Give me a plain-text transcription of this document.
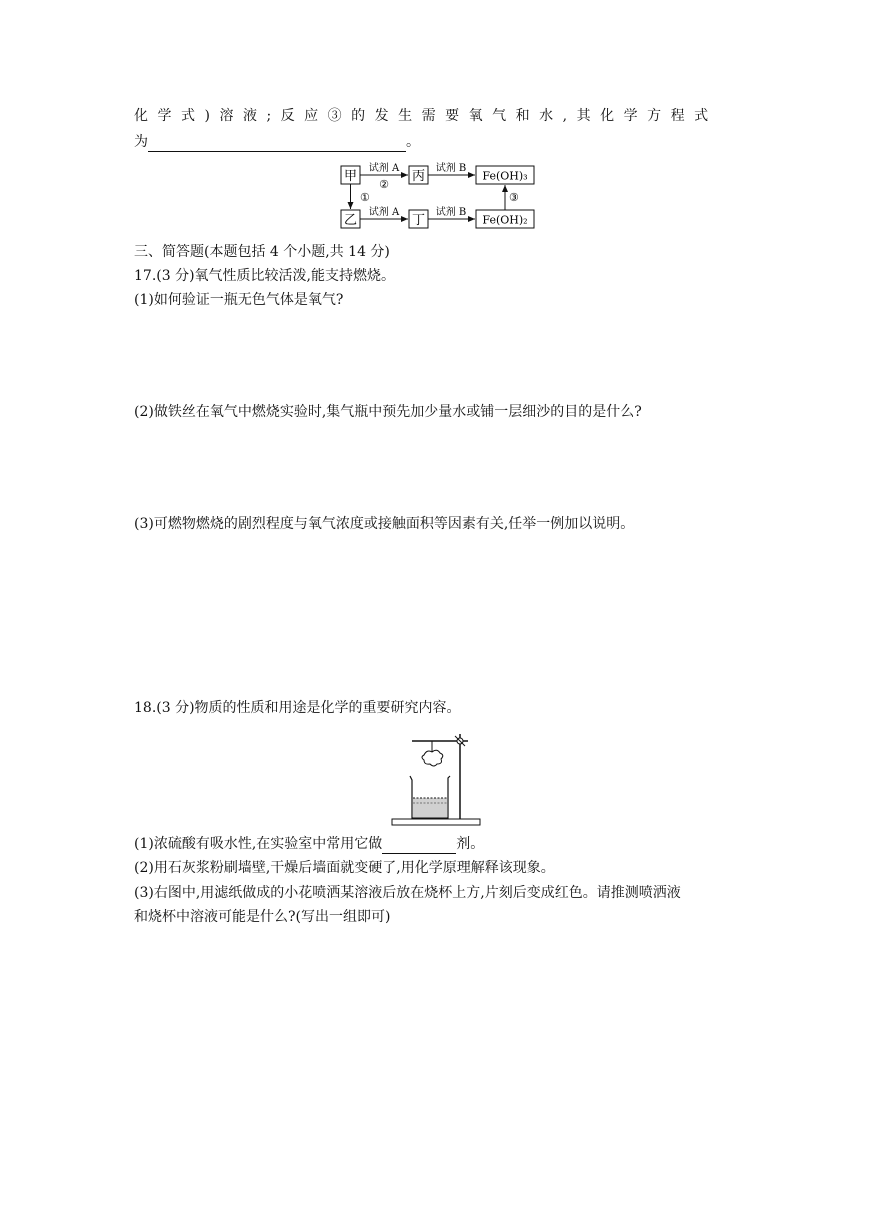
化学式)溶液;反应③的发生需要氧气和水,其化学方程式
为	。
甲	丙	Fe(OH)₃
乙	丁	Fe(OH)₂
试剂 A
②
试剂 B
试剂 A	试剂 B
①	③
三、简答题(本题包括 4 个小题,共 14 分)
17.(3 分)氧气性质比较活泼,能支持燃烧。
(1)如何验证一瓶无色气体是氧气?
(2)做铁丝在氧气中燃烧实验时,集气瓶中预先加少量水或铺一层细沙的目的是什么?
(3)可燃物燃烧的剧烈程度与氧气浓度或接触面积等因素有关,任举一例加以说明。
18.(3 分)物质的性质和用途是化学的重要研究内容。
(1)浓硫酸有吸水性,在实验室中常用它做	剂。
(2)用石灰浆粉刷墙壁,干燥后墙面就变硬了,用化学原理解释该现象。
(3)右图中,用滤纸做成的小花喷洒某溶液后放在烧杯上方,片刻后变成红色。请推测喷洒液
和烧杯中溶液可能是什么?(写出一组即可)
